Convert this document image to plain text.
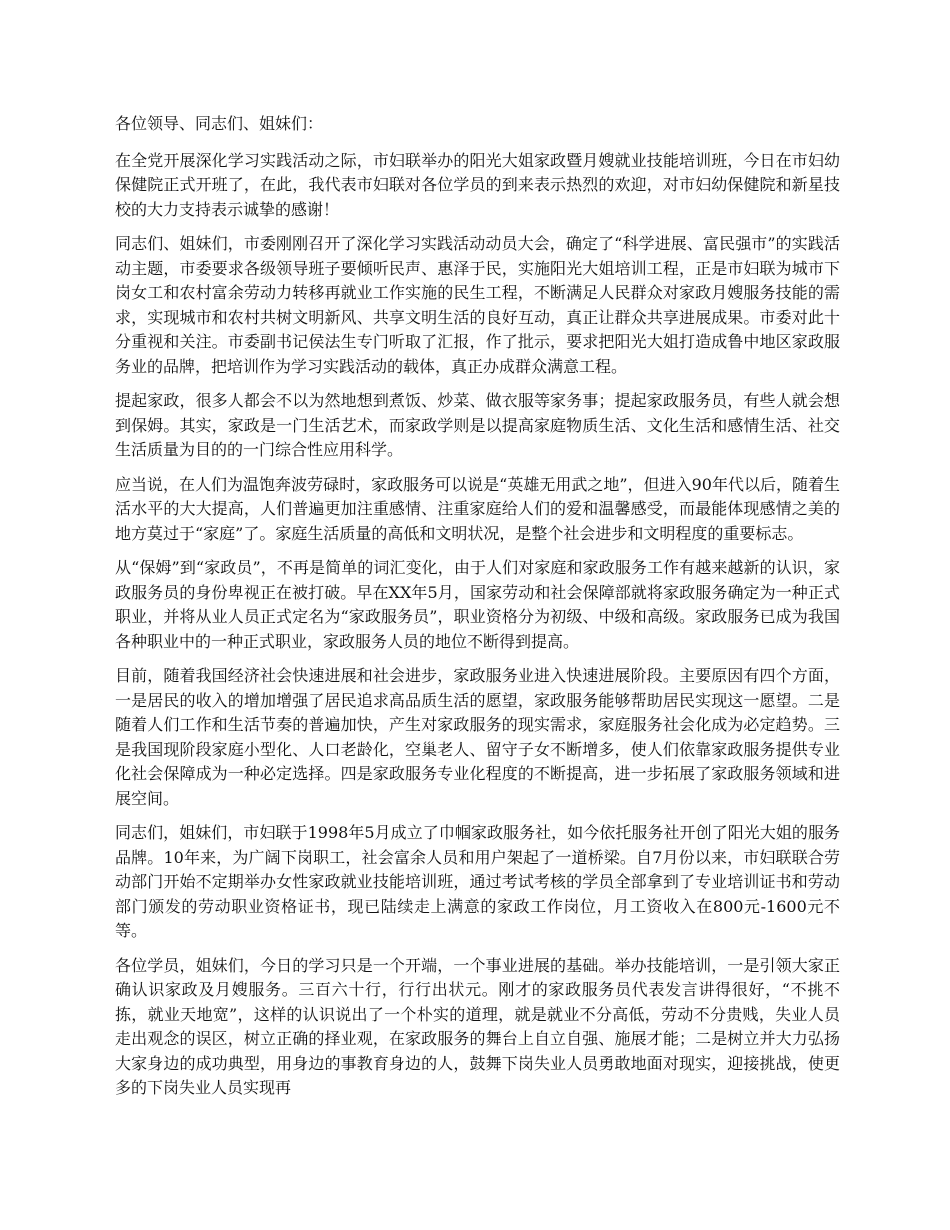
各位领导、同志们、姐妹们：

在全党开展深化学习实践活动之际，市妇联举办的阳光大姐家政暨月嫂就业技能培训班，今日在市妇幼保健院正式开班了，在此，我代表市妇联对各位学员的到来表示热烈的欢迎，对市妇幼保健院和新星技校的大力支持表示诚挚的感谢！

同志们、姐妹们，市委刚刚召开了深化学习实践活动动员大会，确定了“科学进展、富民强市”的实践活动主题，市委要求各级领导班子要倾听民声、惠泽于民，实施阳光大姐培训工程，正是市妇联为城市下岗女工和农村富余劳动力转移再就业工作实施的民生工程，不断满足人民群众对家政月嫂服务技能的需求，实现城市和农村共树文明新风、共享文明生活的良好互动，真正让群众共享进展成果。市委对此十分重视和关注。市委副书记侯法生专门听取了汇报，作了批示，要求把阳光大姐打造成鲁中地区家政服务业的品牌，把培训作为学习实践活动的载体，真正办成群众满意工程。

提起家政，很多人都会不以为然地想到煮饭、炒菜、做衣服等家务事；提起家政服务员，有些人就会想到保姆。其实，家政是一门生活艺术，而家政学则是以提高家庭物质生活、文化生活和感情生活、社交生活质量为目的的一门综合性应用科学。

应当说，在人们为温饱奔波劳碌时，家政服务可以说是“英雄无用武之地”，但进入90年代以后，随着生活水平的大大提高，人们普遍更加注重感情、注重家庭给人们的爱和温馨感受，而最能体现感情之美的地方莫过于“家庭”了。家庭生活质量的高低和文明状况，是整个社会进步和文明程度的重要标志。

从“保姆”到“家政员”，不再是简单的词汇变化，由于人们对家庭和家政服务工作有越来越新的认识，家政服务员的身份卑视正在被打破。早在XX年5月，国家劳动和社会保障部就将家政服务确定为一种正式职业，并将从业人员正式定名为“家政服务员”，职业资格分为初级、中级和高级。家政服务已成为我国各种职业中的一种正式职业，家政服务人员的地位不断得到提高。

目前，随着我国经济社会快速进展和社会进步，家政服务业进入快速进展阶段。主要原因有四个方面，一是居民的收入的增加增强了居民追求高品质生活的愿望，家政服务能够帮助居民实现这一愿望。二是随着人们工作和生活节奏的普遍加快，产生对家政服务的现实需求，家庭服务社会化成为必定趋势。三是我国现阶段家庭小型化、人口老龄化，空巢老人、留守子女不断增多，使人们依靠家政服务提供专业化社会保障成为一种必定选择。四是家政服务专业化程度的不断提高，进一步拓展了家政服务领域和进展空间。

同志们，姐妹们，市妇联于1998年5月成立了巾帼家政服务社，如今依托服务社开创了阳光大姐的服务品牌。10年来，为广阔下岗职工，社会富余人员和用户架起了一道桥梁。自7月份以来，市妇联联合劳动部门开始不定期举办女性家政就业技能培训班，通过考试考核的学员全部拿到了专业培训证书和劳动部门颁发的劳动职业资格证书，现已陆续走上满意的家政工作岗位，月工资收入在800元-1600元不等。

各位学员，姐妹们，今日的学习只是一个开端，一个事业进展的基础。举办技能培训，一是引领大家正确认识家政及月嫂服务。三百六十行，行行出状元。刚才的家政服务员代表发言讲得很好，“不挑不拣，就业天地宽”，这样的认识说出了一个朴实的道理，就是就业不分高低，劳动不分贵贱，失业人员走出观念的误区，树立正确的择业观，在家政服务的舞台上自立自强、施展才能；二是树立并大力弘扬大家身边的成功典型，用身边的事教育身边的人，鼓舞下岗失业人员勇敢地面对现实，迎接挑战，使更多的下岗失业人员实现再
